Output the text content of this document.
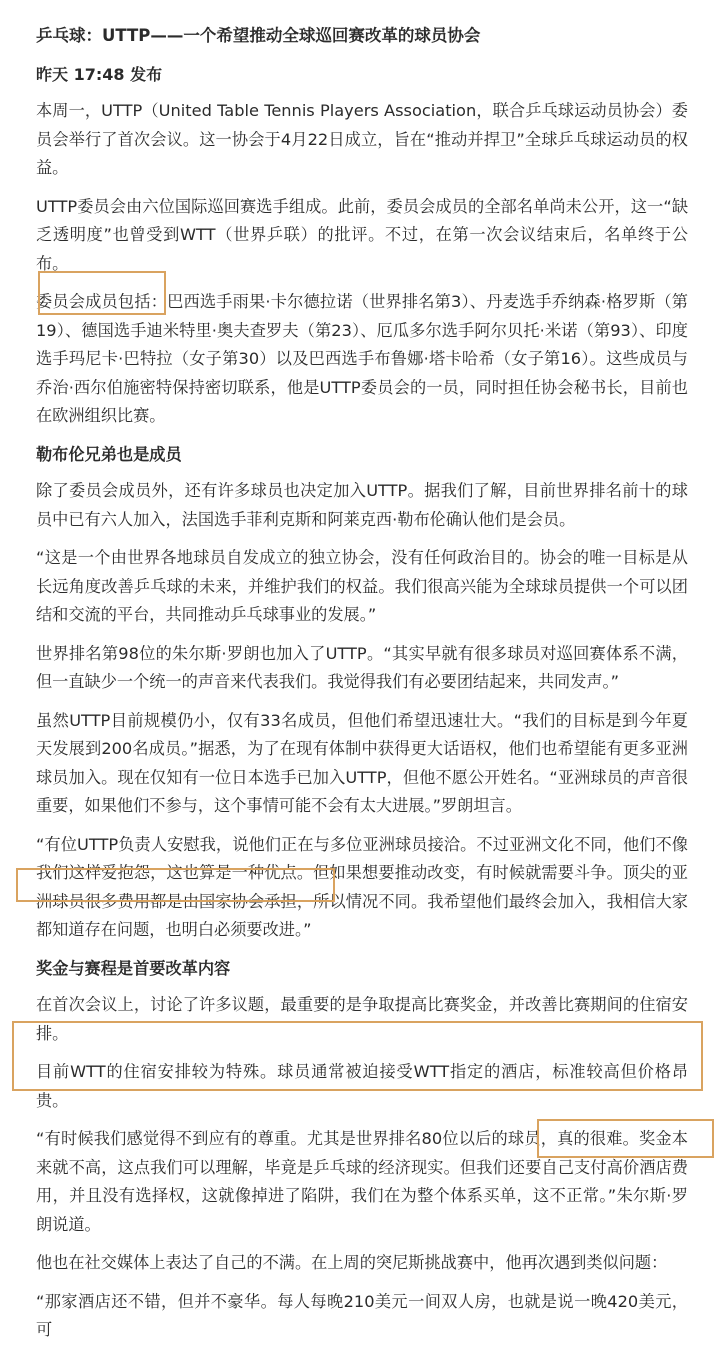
乒乓球：UTTP——一个希望推动全球巡回赛改革的球员协会
昨天 17:48 发布
本周一，UTTP（United Table Tennis Players Association，联合乒乓球运动员协会）委员会举行了首次会议。这一协会于4月22日成立，旨在“推动并捍卫”全球乒乓球运动员的权益。
UTTP委员会由六位国际巡回赛选手组成。此前，委员会成员的全部名单尚未公开，这一“缺乏透明度”也曾受到WTT（世界乒联）的批评。不过，在第一次会议结束后，名单终于公布。
委员会成员包括：巴西选手雨果·卡尔德拉诺（世界排名第3）、丹麦选手乔纳森·格罗斯（第19）、德国选手迪米特里·奥夫查罗夫（第23）、厄瓜多尔选手阿尔贝托·米诺（第93）、印度选手玛尼卡·巴特拉（女子第30）以及巴西选手布鲁娜·塔卡哈希（女子第16）。这些成员与乔治·西尔伯施密特保持密切联系，他是UTTP委员会的一员，同时担任协会秘书长，目前也在欧洲组织比赛。
勒布伦兄弟也是成员
除了委员会成员外，还有许多球员也决定加入UTTP。据我们了解，目前世界排名前十的球员中已有六人加入，法国选手菲利克斯和阿莱克西·勒布伦确认他们是会员。
“这是一个由世界各地球员自发成立的独立协会，没有任何政治目的。协会的唯一目标是从长远角度改善乒乓球的未来，并维护我们的权益。我们很高兴能为全球球员提供一个可以团结和交流的平台，共同推动乒乓球事业的发展。”
世界排名第98位的朱尔斯·罗朗也加入了UTTP。“其实早就有很多球员对巡回赛体系不满，但一直缺少一个统一的声音来代表我们。我觉得我们有必要团结起来，共同发声。”
虽然UTTP目前规模仍小，仅有33名成员，但他们希望迅速壮大。“我们的目标是到今年夏天发展到200名成员。”据悉，为了在现有体制中获得更大话语权，他们也希望能有更多亚洲球员加入。现在仅知有一位日本选手已加入UTTP，但他不愿公开姓名。“亚洲球员的声音很重要，如果他们不参与，这个事情可能不会有太大进展。”罗朗坦言。
“有位UTTP负责人安慰我，说他们正在与多位亚洲球员接洽。不过亚洲文化不同，他们不像我们这样爱抱怨，这也算是一种优点。但如果想要推动改变，有时候就需要斗争。顶尖的亚洲球员很多费用都是由国家协会承担，所以情况不同。我希望他们最终会加入，我相信大家都知道存在问题，也明白必须要改进。”
奖金与赛程是首要改革内容
在首次会议上，讨论了许多议题，最重要的是争取提高比赛奖金，并改善比赛期间的住宿安排。
目前WTT的住宿安排较为特殊。球员通常被迫接受WTT指定的酒店，标准较高但价格昂贵。
“有时候我们感觉得不到应有的尊重。尤其是世界排名80位以后的球员，真的很难。奖金本来就不高，这点我们可以理解，毕竟是乒乓球的经济现实。但我们还要自己支付高价酒店费用，并且没有选择权，这就像掉进了陷阱，我们在为整个体系买单，这不正常。”朱尔斯·罗朗说道。
他也在社交媒体上表达了自己的不满。在上周的突尼斯挑战赛中，他再次遇到类似问题：
“那家酒店还不错，但并不豪华。每人每晚210美元一间双人房，也就是说一晚420美元，可
